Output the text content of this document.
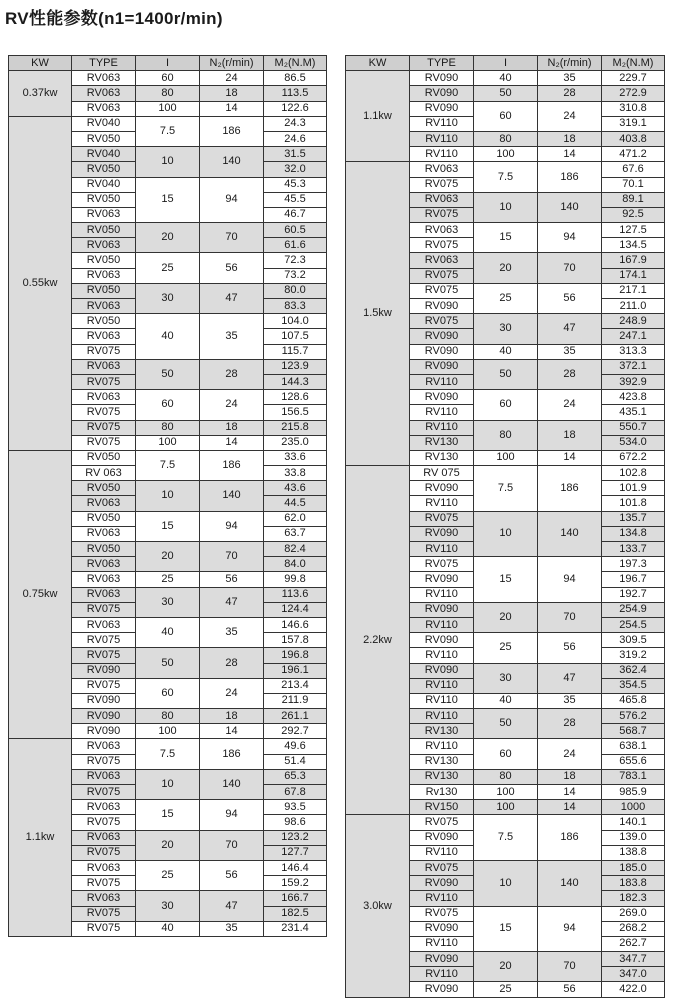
RV性能参数(n1=1400r/min)
KW	TYPE	I	N₂(r/min)	M₂(N.M)
0.37kw	RV063	60	24	86.5
	RV063	80	18	113.5
	RV063	100	14	122.6
0.55kw	RV040	7.5	186	24.3
	RV050			24.6
	RV040	10	140	31.5
	RV050			32.0
	RV040	15	94	45.3
	RV050			45.5
	RV063			46.7
	RV050	20	70	60.5
	RV063			61.6
	RV050	25	56	72.3
	RV063			73.2
	RV050	30	47	80.0
	RV063			83.3
	RV050	40	35	104.0
	RV063			107.5
	RV075			115.7
	RV063	50	28	123.9
	RV075			144.3
	RV063	60	24	128.6
	RV075			156.5
	RV075	80	18	215.8
	RV075	100	14	235.0
0.75kw	RV050	7.5	186	33.6
	RV 063			33.8
	RV050	10	140	43.6
	RV063			44.5
	RV050	15	94	62.0
	RV063			63.7
	RV050	20	70	82.4
	RV063			84.0
	RV063	25	56	99.8
	RV063	30	47	113.6
	RV075			124.4
	RV063	40	35	146.6
	RV075			157.8
	RV075	50	28	196.8
	RV090			196.1
	RV075	60	24	213.4
	RV090			211.9
	RV090	80	18	261.1
	RV090	100	14	292.7
1.1kw	RV063	7.5	186	49.6
	RV075			51.4
	RV063	10	140	65.3
	RV075			67.8
	RV063	15	94	93.5
	RV075			98.6
	RV063	20	70	123.2
	RV075			127.7
	RV063	25	56	146.4
	RV075			159.2
	RV063	30	47	166.7
	RV075			182.5
	RV075	40	35	231.4
KW	TYPE	I	N₂(r/min)	M₂(N.M)
1.1kw	RV090	40	35	229.7
	RV090	50	28	272.9
	RV090	60	24	310.8
	RV110			319.1
	RV110	80	18	403.8
	RV110	100	14	471.2
1.5kw	RV063	7.5	186	67.6
	RV075			70.1
	RV063	10	140	89.1
	RV075			92.5
	RV063	15	94	127.5
	RV075			134.5
	RV063	20	70	167.9
	RV075			174.1
	RV075	25	56	217.1
	RV090			211.0
	RV075	30	47	248.9
	RV090			247.1
	RV090	40	35	313.3
	RV090	50	28	372.1
	RV110			392.9
	RV090	60	24	423.8
	RV110			435.1
	RV110	80	18	550.7
	RV130			534.0
	RV130	100	14	672.2
2.2kw	RV 075	7.5	186	102.8
	RV090			101.9
	RV110			101.8
	RV075	10	140	135.7
	RV090			134.8
	RV110			133.7
	RV075	15	94	197.3
	RV090			196.7
	RV110			192.7
	RV090	20	70	254.9
	RV110			254.5
	RV090	25	56	309.5
	RV110			319.2
	RV090	30	47	362.4
	RV110			354.5
	RV110	40	35	465.8
	RV110	50	28	576.2
	RV130			568.7
	RV110	60	24	638.1
	RV130			655.6
	RV130	80	18	783.1
	Rv130	100	14	985.9
	RV150	100	14	1000
3.0kw	RV075	7.5	186	140.1
	RV090			139.0
	RV110			138.8
	RV075	10	140	185.0
	RV090			183.8
	RV110			182.3
	RV075	15	94	269.0
	RV090			268.2
	RV110			262.7
	RV090	20	70	347.7
	RV110			347.0
	RV090	25	56	422.0
